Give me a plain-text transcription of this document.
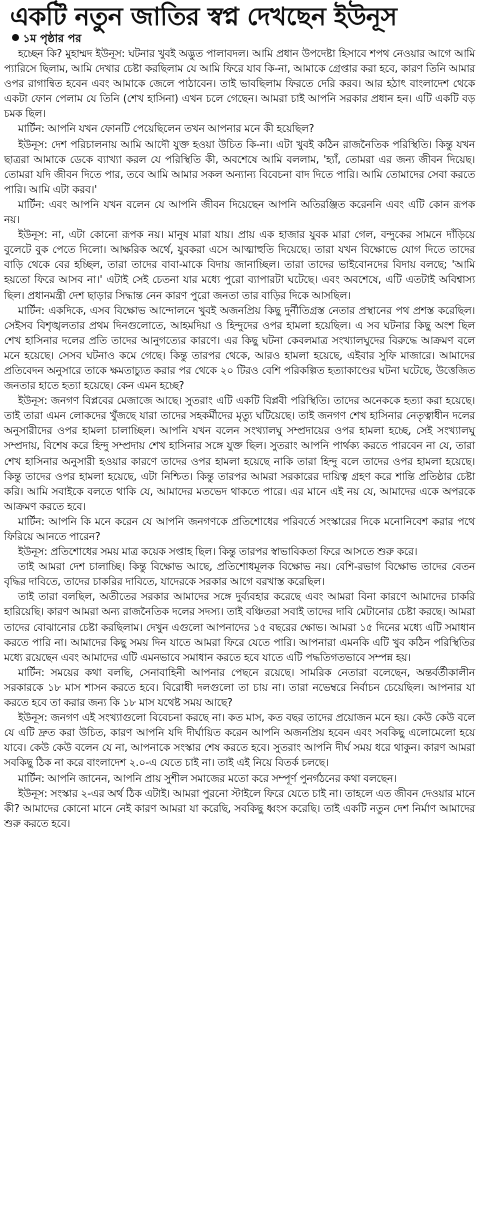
একটি নতুন জাতির স্বপ্ন দেখছেন ইউনূস
১ম পৃষ্ঠার পর

হচ্ছেন কি? মুহাম্মদ ইউনূস: ঘটনার খুবই অদ্ভুত পালাবদল। আমি প্রধান উপদেষ্টা হিসাবে শপথ নেওয়ার আগে আমি প্যারিসে ছিলাম, আমি দেখার চেষ্টা করছিলাম যে আমি ফিরে যাব কি-না, আমাকে গ্রেপ্তার করা হবে, কারণ তিনি আমার ওপর রাগান্বিত হবেন এবং আমাকে জেলে পাঠাবেন। তাই ভাবছিলাম ফিরতে দেরি করব। আর হঠাৎ বাংলাদেশ থেকে একটা ফোন পেলাম যে তিনি (শেখ হাসিনা) এখন চলে গেছেন। আমরা চাই আপনি সরকার প্রধান হন। এটি একটি বড় চমক ছিল।

মার্টিন: আপনি যখন ফোনটি পেয়েছিলেন তখন আপনার মনে কী হয়েছিল?

ইউনূস: দেশ পরিচালনায় আমি আদৌ যুক্ত হওয়া উচিত কি-না। এটা খুবই কঠিন রাজনৈতিক পরিস্থিতি। কিন্তু যখন ছাত্ররা আমাকে ডেকে ব্যাখ্যা করল যে পরিস্থিতি কী, অবশেষে আমি বললাম, 'হ্যাঁ, তোমরা এর জন্য জীবন দিয়েছ। তোমরা যদি জীবন দিতে পার, তবে আমি আমার সকল অন্যান্য বিবেচনা বাদ দিতে পারি। আমি তোমাদের সেবা করতে পারি। আমি এটা করব।'

মার্টিন: এবং আপনি যখন বলেন যে আপনি জীবন দিয়েছেন আপনি অতিরঞ্জিত করেননি এবং এটি কোন রূপক নয়।

ইউনূস: না, এটা কোনো রূপক নয়। মানুষ মারা যায়। প্রায় এক হাজার যুবক মারা গেল, বন্দুকের সামনে দাঁড়িয়ে বুলেটে বুক পেতে দিলো। আক্ষরিক অর্থে, যুবকরা এসে আত্মাহুতি দিয়েছে। তারা যখন বিক্ষোভে যোগ দিতে তাদের বাড়ি থেকে বের হচ্ছিল, তারা তাদের বাবা-মাকে বিদায় জানাচ্ছিল। তারা তাদের ভাইবোনদের বিদায় বলছে; 'আমি হয়তো ফিরে আসব না।' এটাই সেই চেতনা যার মধ্যে পুরো ব্যাপারটা ঘটেছে। এবং অবশেষে, এটি এতটাই অবিশ্বাস্য ছিল। প্রধানমন্ত্রী দেশ ছাড়ার সিদ্ধান্ত নেন কারণ পুরো জনতা তার বাড়ির দিকে আসছিল।

মার্টিন: একদিকে, এসব বিক্ষোভ আন্দোলনে খুবই অজনপ্রিয় কিছু দুর্নীতিগ্রস্ত নেতার প্রস্থানের পথ প্রশস্ত করেছিল। সেইসব বিশৃঙ্খলতার প্রথম দিনগুলোতে, আহমদিয়া ও হিন্দুদের ওপর হামলা হয়েছিল। এ সব ঘটনার কিছু অংশ ছিল শেখ হাসিনার দলের প্রতি তাদের আনুগত্যের কারণে। এর কিছু ঘটনা কেবলমাত্র সংখ্যালঘুদের বিরুদ্ধে আক্রমণ বলে মনে হয়েছে। সেসব ঘটনাও কমে গেছে। কিন্তু তারপর থেকে, আরও হামলা হয়েছে, এইবার সুফি মাজারে। আমাদের প্রতিবেদন অনুসারে তাকে ক্ষমতাচ্যুত করার পর থেকে ২০ টিরও বেশি পরিকল্পিত হত্যাকাণ্ডের ঘটনা ঘটেছে, উত্তেজিত জনতার হাতে হত্যা হয়েছে। কেন এমন হচ্ছে?

ইউনূস: জনগণ বিপ্লবের মেজাজে আছে। সুতরাং এটি একটি বিপ্লবী পরিস্থিতি। তাদের অনেককে হত্যা করা হয়েছে। তাই তারা এমন লোকদের খুঁজছে যারা তাদের সহকর্মীদের মৃত্যু ঘটিয়েছে। তাই জনগণ শেখ হাসিনার নেতৃত্বাধীন দলের অনুসারীদের ওপর হামলা চালাচ্ছিল। আপনি যখন বলেন সংখ্যালঘু সম্প্রদায়ের ওপর হামলা হচ্ছে, সেই সংখ্যালঘু সম্প্রদায়, বিশেষ করে হিন্দু সম্প্রদায় শেখ হাসিনার সঙ্গে যুক্ত ছিল। সুতরাং আপনি পার্থক্য করতে পারবেন না যে, তারা শেখ হাসিনার অনুসারী হওয়ার কারণে তাদের ওপর হামলা হয়েছে নাকি তারা হিন্দু বলে তাদের ওপর হামলা হয়েছে। কিন্তু তাদের ওপর হামলা হয়েছে, এটা নিশ্চিত। কিন্তু তারপর আমরা সরকারের দায়িত্ব গ্রহণ করে শান্তি প্রতিষ্ঠার চেষ্টা করি। আমি সবাইকে বলতে থাকি যে, আমাদের মতভেদ থাকতে পারে। এর মানে এই নয় যে, আমাদের একে অপরকে আক্রমণ করতে হবে।

মার্টিন: আপনি কি মনে করেন যে আপনি জনগণকে প্রতিশোধের পরিবর্তে সংস্কারের দিকে মনোনিবেশ করার পথে ফিরিয়ে আনতে পারেন?

ইউনূস: প্রতিশোধের সময় মাত্র কয়েক সপ্তাহ ছিল। কিন্তু তারপর স্বাভাবিকতা ফিরে আসতে শুরু করে।

তাই আমরা দেশ চালাচ্ছি। কিন্তু বিক্ষোভ আছে, প্রতিশোধমূলক বিক্ষোভ নয়। বেশি-রভাগ বিক্ষোভ তাদের বেতন বৃদ্ধির দাবিতে, তাদের চাকরির দাবিতে, যাদেরকে সরকার আগে বরখাস্ত করেছিল।

তাই তারা বলছিল, অতীতের সরকার আমাদের সঙ্গে দুর্ব্যবহার করেছে এবং আমরা বিনা কারণে আমাদের চাকরি হারিয়েছি। কারণ আমরা অন্য রাজনৈতিক দলের সদস্য। তাই বঞ্চিতরা সবাই তাদের দাবি মেটানোর চেষ্টা করছে। আমরা তাদের বোঝানোর চেষ্টা করছিলাম। দেখুন এগুলো আপনাদের ১৫ বছরের ক্ষোভ। আমরা ১৫ দিনের মধ্যে এটি সমাধান করতে পারি না। আমাদের কিছু সময় দিন যাতে আমরা ফিরে যেতে পারি। আপনারা এমনকি এটি খুব কঠিন পরিস্থিতির মধ্যে রয়েছেন এবং আমাদের এটি এমনভাবে সমাধান করতে হবে যাতে এটি পদ্ধতিগতভাবে সম্পন্ন হয়।

মার্টিন: সময়ের কথা বলছি, সেনাবাহিনী আপনার পেছনে রয়েছে। সামরিক নেতারা বলেছেন, অন্তর্বর্তীকালীন সরকারকে ১৮ মাস শাসন করতে হবে। বিরোধী দলগুলো তা চায় না। তারা নভেম্বরে নির্বাচন চেয়েছিল। আপনার যা করতে হবে তা করার জন্য কি ১৮ মাস যথেষ্ট সময় আছে?

ইউনূস: জনগণ এই সংখ্যাগুলো বিবেচনা করছে না। কত মাস, কত বছর তাদের প্রয়োজন মনে হয়। কেউ কেউ বলে যে এটি দ্রুত করা উচিত, কারণ আপনি যদি দীর্ঘায়িত করেন আপনি অজনপ্রিয় হবেন এবং সবকিছু এলোমেলো হয়ে যাবে। কেউ কেউ বলেন যে না, আপনাকে সংস্কার শেষ করতে হবে। সুতরাং আপনি দীর্ঘ সময় ধরে থাকুন। কারণ আমরা সবকিছু ঠিক না করে বাংলাদেশ ২.০-এ যেতে চাই না। তাই এই নিয়ে বিতর্ক চলছে।

মার্টিন: আপনি জানেন, আপনি প্রায় সুশীল সমাজের মতো করে সম্পূর্ণ পুনর্গঠনের কথা বলছেন।

ইউনূস: সংস্কার ২-এর অর্থ ঠিক এটাই। আমরা পুরনো স্টাইলে ফিরে যেতে চাই না। তাহলে এত জীবন দেওয়ার মানে কী? আমাদের কোনো মানে নেই কারণ আমরা যা করেছি, সবকিছু ধ্বংস করেছি। তাই একটি নতুন দেশ নির্মাণ আমাদের শুরু করতে হবে।
